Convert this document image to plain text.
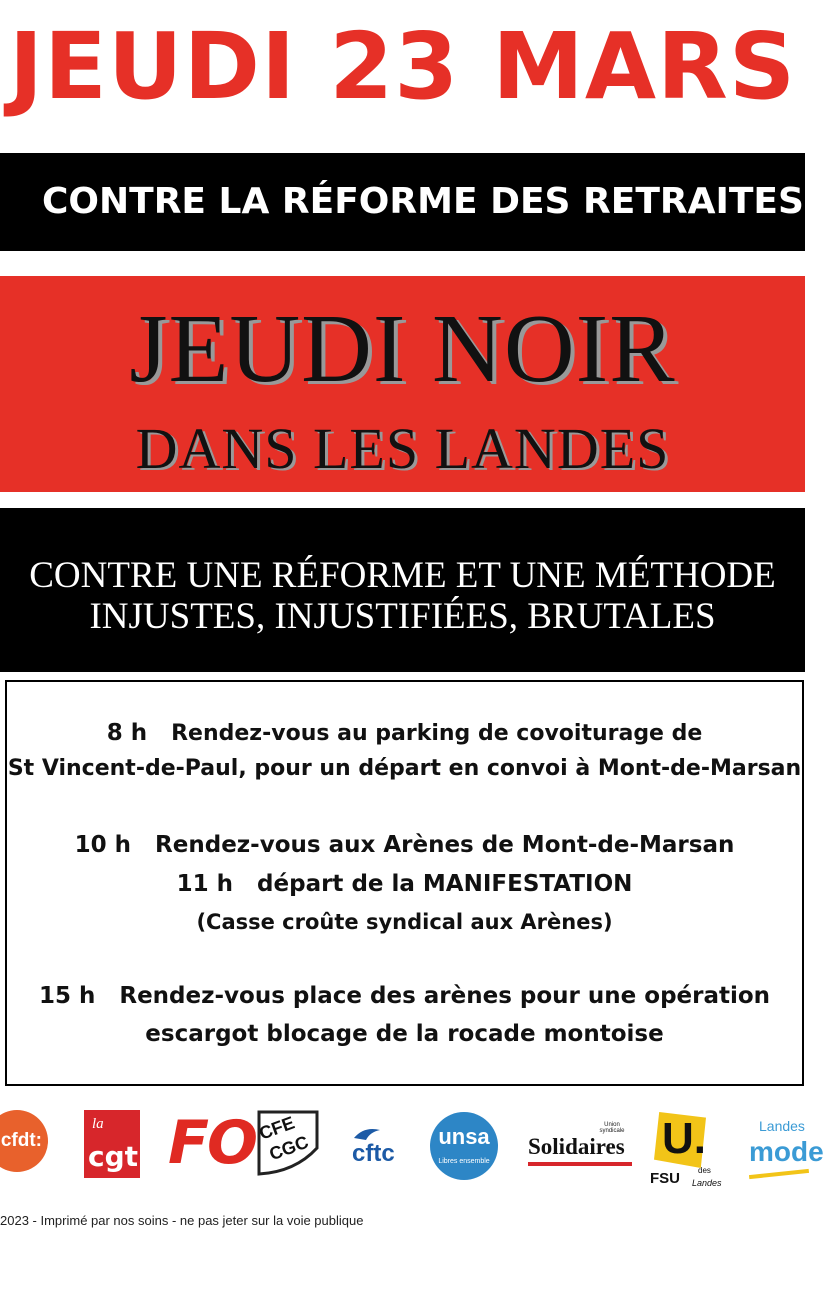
JEUDI 23 MARS
CONTRE LA RÉFORME DES RETRAITES
JEUDI NOIR
DANS LES LANDES
CONTRE UNE RÉFORME ET UNE MÉTHODE
INJUSTES, INJUSTIFIÉES, BRUTALES
8 h Rendez-vous au parking de covoiturage de
St Vincent-de-Paul, pour un départ en convoi à Mont-de-Marsan
10 h Rendez-vous aux Arènes de Mont-de-Marsan
11 h départ de la MANIFESTATION
(Casse croûte syndical aux Arènes)
15 h Rendez-vous place des arènes pour une opération
escargot blocage de la rocade montoise
cfdt:
la
cgt FO CFE
CGC cftc
unsa
Libres ensemble
Union syndicale
Solidaires U.
FSU des
Landes
Landes
mode
2023 - Imprimé par nos soins - ne pas jeter sur la voie publique
